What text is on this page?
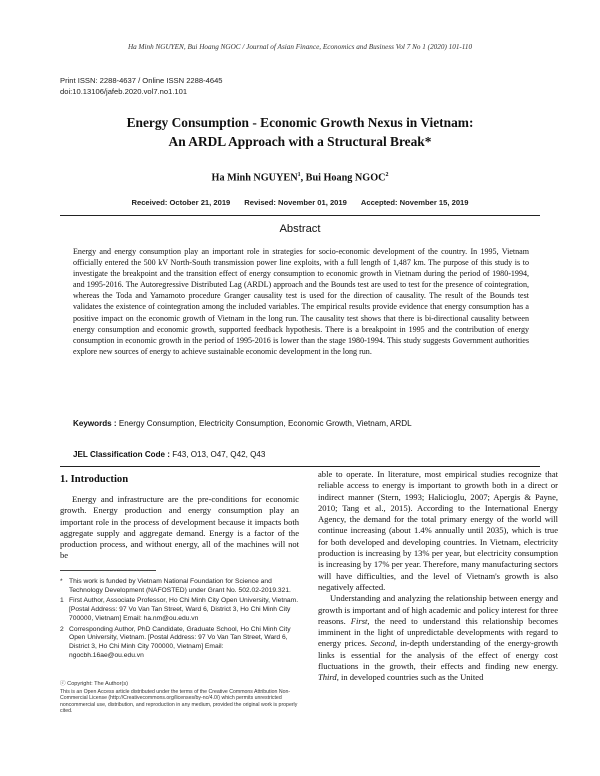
Ha Minh NGUYEN, Bui Hoang NGOC / Journal of Asian Finance, Economics and Business Vol 7 No 1 (2020) 101-110
Print ISSN: 2288-4637 / Online ISSN 2288-4645
doi:10.13106/jafeb.2020.vol7.no1.101
Energy Consumption - Economic Growth Nexus in Vietnam:
An ARDL Approach with a Structural Break*
Ha Minh NGUYEN$^1$, Bui Hoang NGOC$^2$
Received: October 21, 2019 Revised: November 01, 2019 Accepted: November 15, 2019
Abstract
Energy and energy consumption play an important role in strategies for socio-economic development of the country. In 1995, Vietnam officially entered the 500 kV North-South transmission power line exploits, with a full length of 1,487 km. The purpose of this study is to investigate the breakpoint and the transition effect of energy consumption to economic growth in Vietnam during the period of 1980-1994, and 1995-2016. The Autoregressive Distributed Lag (ARDL) approach and the Bounds test are used to test for the presence of cointegration, whereas the Toda and Yamamoto procedure Granger causality test is used for the direction of causality. The result of the Bounds test validates the existence of cointegration among the included variables. The empirical results provide evidence that energy consumption has a positive impact on the economic growth of Vietnam in the long run. The causality test shows that there is bi-directional causality between energy consumption and economic growth, supported feedback hypothesis. There is a breakpoint in 1995 and the contribution of energy consumption in economic growth in the period of 1995-2016 is lower than the stage 1980-1994. This study suggests Government authorities explore new sources of energy to achieve sustainable economic development in the long run.
Keywords : Energy Consumption, Electricity Consumption, Economic Growth, Vietnam, ARDL
JEL Classification Code : F43, O13, O47, Q42, Q43
1. Introduction

Energy and infrastructure are the pre-conditions for economic growth. Energy production and energy consumption play an important role in the process of development because it impacts both aggregate supply and aggregate demand. Energy is a factor of the production process, and without energy, all of the machines will not be

* This work is funded by Vietnam National Foundation for Science and Technology Development (NAFOSTED) under Grant No. 502.02-2019.321.
1 First Author, Associate Professor, Ho Chi Minh City Open University, Vietnam. [Postal Address: 97 Vo Van Tan Street, Ward 6, District 3, Ho Chi Minh City 700000, Vietnam] Email: ha.nm@ou.edu.vn
2 Corresponding Author, PhD Candidate, Graduate School, Ho Chi Minh City Open University, Vietnam. [Postal Address: 97 Vo Van Tan Street, Ward 6, District 3, Ho Chi Minh City 700000, Vietnam] Email: ngocbh.16ae@ou.edu.vn
ⓒ Copyright: The Author(s)
This is an Open Access article distributed under the terms of the Creative Commons Attribution Non-Commercial License (http://Creativecommons.org/licenses/by-nc/4.0/) which permits unrestricted noncommercial use, distribution, and reproduction in any medium, provided the original work is properly cited.

able to operate. In literature, most empirical studies recognize that reliable access to energy is important to growth both in a direct or indirect manner (Stern, 1993; Halicioglu, 2007; Apergis & Payne, 2010; Tang et al., 2015). According to the International Energy Agency, the demand for the total primary energy of the world will continue increasing (about 1.4% annually until 2035), which is true for both developed and developing countries. In Vietnam, electricity production is increasing by 13% per year, but electricity consumption is increasing by 17% per year. Therefore, many manufacturing sectors will have difficulties, and the level of Vietnam's growth is also negatively affected.

Understanding and analyzing the relationship between energy and growth is important and of high academic and policy interest for three reasons. First, the need to understand this relationship becomes imminent in the light of unpredictable developments with regard to energy prices. Second, in-depth understanding of the energy-growth links is essential for the analysis of the effect of energy cost fluctuations in the growth, their effects and finding new energy. Third, in developed countries such as the United
